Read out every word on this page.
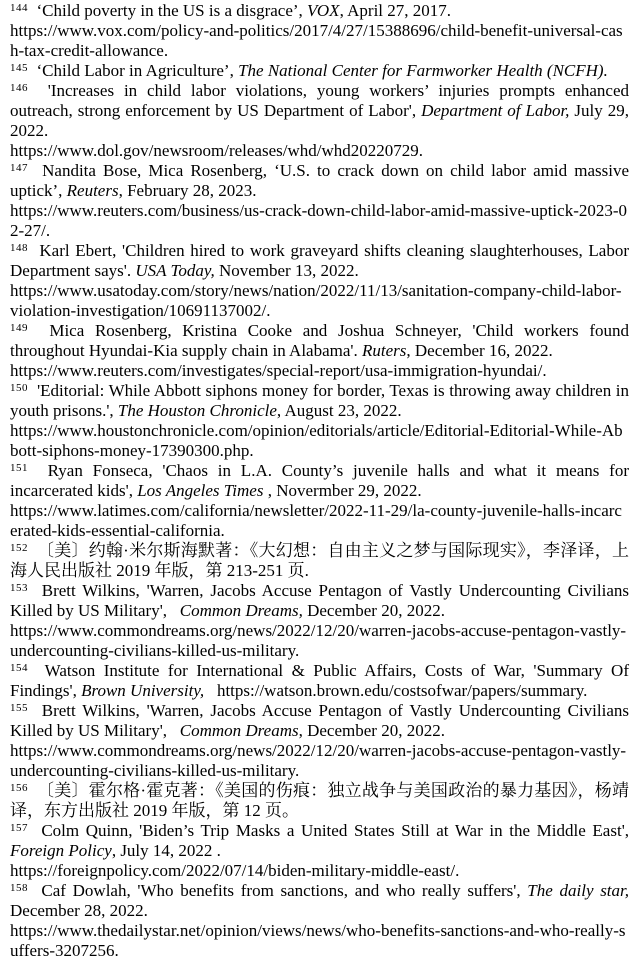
$^{144}$ ‘Child poverty in the US is a disgrace’, VOX, April 27, 2017.
https://www.vox.com/policy-and-politics/2017/4/27/15388696/child-benefit-universal-cash-tax-credit-allowance.

$^{145}$ ‘Child Labor in Agriculture’, The National Center for Farmworker Health (NCFH).

$^{146}$ 'Increases in child labor violations, young workers’ injuries prompts enhanced outreach, strong enforcement by US Department of Labor', Department of Labor, July 29, 2022.
https://www.dol.gov/newsroom/releases/whd/whd20220729.

$^{147}$ Nandita Bose, Mica Rosenberg, ‘U.S. to crack down on child labor amid massive uptick’, Reuters, February 28, 2023.
https://www.reuters.com/business/us-crack-down-child-labor-amid-massive-uptick-2023-02-27/.

$^{148}$ Karl Ebert, 'Children hired to work graveyard shifts cleaning slaughterhouses, Labor Department says'. USA Today, November 13, 2022.
https://www.usatoday.com/story/news/nation/2022/11/13/sanitation-company-child-labor-violation-investigation/10691137002/.

$^{149}$ Mica Rosenberg, Kristina Cooke and Joshua Schneyer, 'Child workers found throughout Hyundai-Kia supply chain in Alabama'. Ruters, December 16, 2022.
https://www.reuters.com/investigates/special-report/usa-immigration-hyundai/.

$^{150}$ 'Editorial: While Abbott siphons money for border, Texas is throwing away children in youth prisons.', The Houston Chronicle, August 23, 2022.
https://www.houstonchronicle.com/opinion/editorials/article/Editorial-Editorial-While-Abbott-siphons-money-17390300.php.

$^{151}$ Ryan Fonseca, 'Chaos in L.A. County’s juvenile halls and what it means for incarcerated kids', Los Angeles Times , Novermber 29, 2022.
https://www.latimes.com/california/newsletter/2022-11-29/la-county-juvenile-halls-incarcerated-kids-essential-california.

$^{152}$ 〔美〕约翰·米尔斯海默著：《大幻想：自由主义之梦与国际现实》，李泽译，上海人民出版社 2019 年版，第 213-251 页.

$^{153}$ Brett Wilkins, 'Warren, Jacobs Accuse Pentagon of Vastly Undercounting Civilians Killed by US Military',   Common Dreams, December 20, 2022.
https://www.commondreams.org/news/2022/12/20/warren-jacobs-accuse-pentagon-vastly-undercounting-civilians-killed-us-military.

$^{154}$ Watson Institute for International & Public Affairs, Costs of War, 'Summary Of Findings', Brown University,   https://watson.brown.edu/costsofwar/papers/summary.

$^{155}$ Brett Wilkins, 'Warren, Jacobs Accuse Pentagon of Vastly Undercounting Civilians Killed by US Military',   Common Dreams, December 20, 2022.
https://www.commondreams.org/news/2022/12/20/warren-jacobs-accuse-pentagon-vastly-undercounting-civilians-killed-us-military.

$^{156}$ 〔美〕霍尔格·霍克著：《美国的伤痕：独立战争与美国政治的暴力基因》，杨靖译，东方出版社 2019 年版，第 12 页。

$^{157}$ Colm Quinn, 'Biden’s Trip Masks a United States Still at War in the Middle East', Foreign Policy, July 14, 2022 .
https://foreignpolicy.com/2022/07/14/biden-military-middle-east/.

$^{158}$ Caf Dowlah, 'Who benefits from sanctions, and who really suffers', The daily star, December 28, 2022.
https://www.thedailystar.net/opinion/views/news/who-benefits-sanctions-and-who-really-suffers-3207256.
